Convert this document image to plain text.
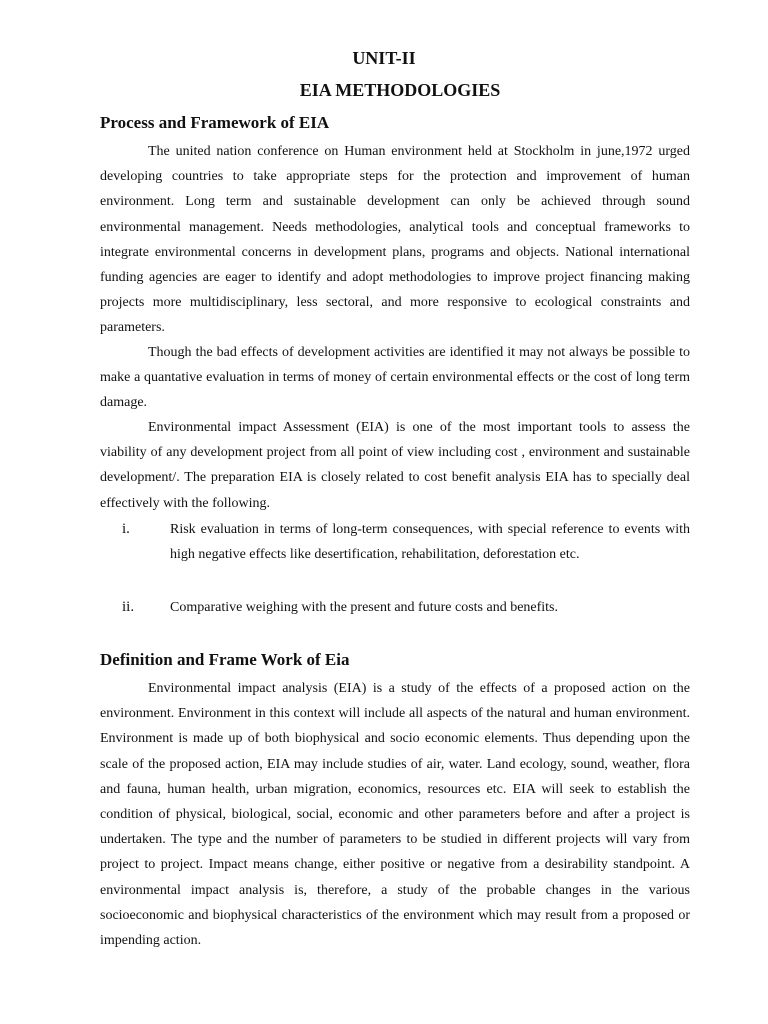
UNIT-II
EIA METHODOLOGIES
Process and Framework of EIA

The united nation conference on Human environment held at Stockholm in june,1972 urged developing countries to take appropriate steps for the protection and improvement of human environment. Long term and sustainable development can only be achieved through sound environmental management. Needs methodologies, analytical tools and conceptual frameworks to integrate environmental concerns in development plans, programs and objects. National international funding agencies are eager to identify and adopt methodologies to improve project financing making projects more multidisciplinary, less sectoral, and more responsive to ecological constraints and parameters.

Though the bad effects of development activities are identified it may not always be possible to make a quantative evaluation in terms of money of certain environmental effects or the cost of long term damage.

Environmental impact Assessment (EIA) is one of the most important tools to assess the viability of any development project from all point of view including cost , environment and sustainable development/. The preparation EIA is closely related to cost benefit analysis EIA has to specially deal effectively with the following.

i.	Risk evaluation in terms of long-term consequences, with special reference to events with high negative effects like desertification, rehabilitation, deforestation etc.
ii.	Comparative weighing with the present and future costs and benefits.
Definition and Frame Work of Eia

Environmental impact analysis (EIA) is a study of the effects of a proposed action on the environment. Environment in this context will include all aspects of the natural and human environment. Environment is made up of both biophysical and socio economic elements. Thus depending upon the scale of the proposed action, EIA may include studies of air, water. Land ecology, sound, weather, flora and fauna, human health, urban migration, economics, resources etc. EIA will seek to establish the condition of physical, biological, social, economic and other parameters before and after a project is undertaken. The type and the number of parameters to be studied in different projects will vary from project to project. Impact means change, either positive or negative from a desirability standpoint. A environmental impact analysis is, therefore, a study of the probable changes in the various socioeconomic and biophysical characteristics of the environment which may result from a proposed or impending action.
